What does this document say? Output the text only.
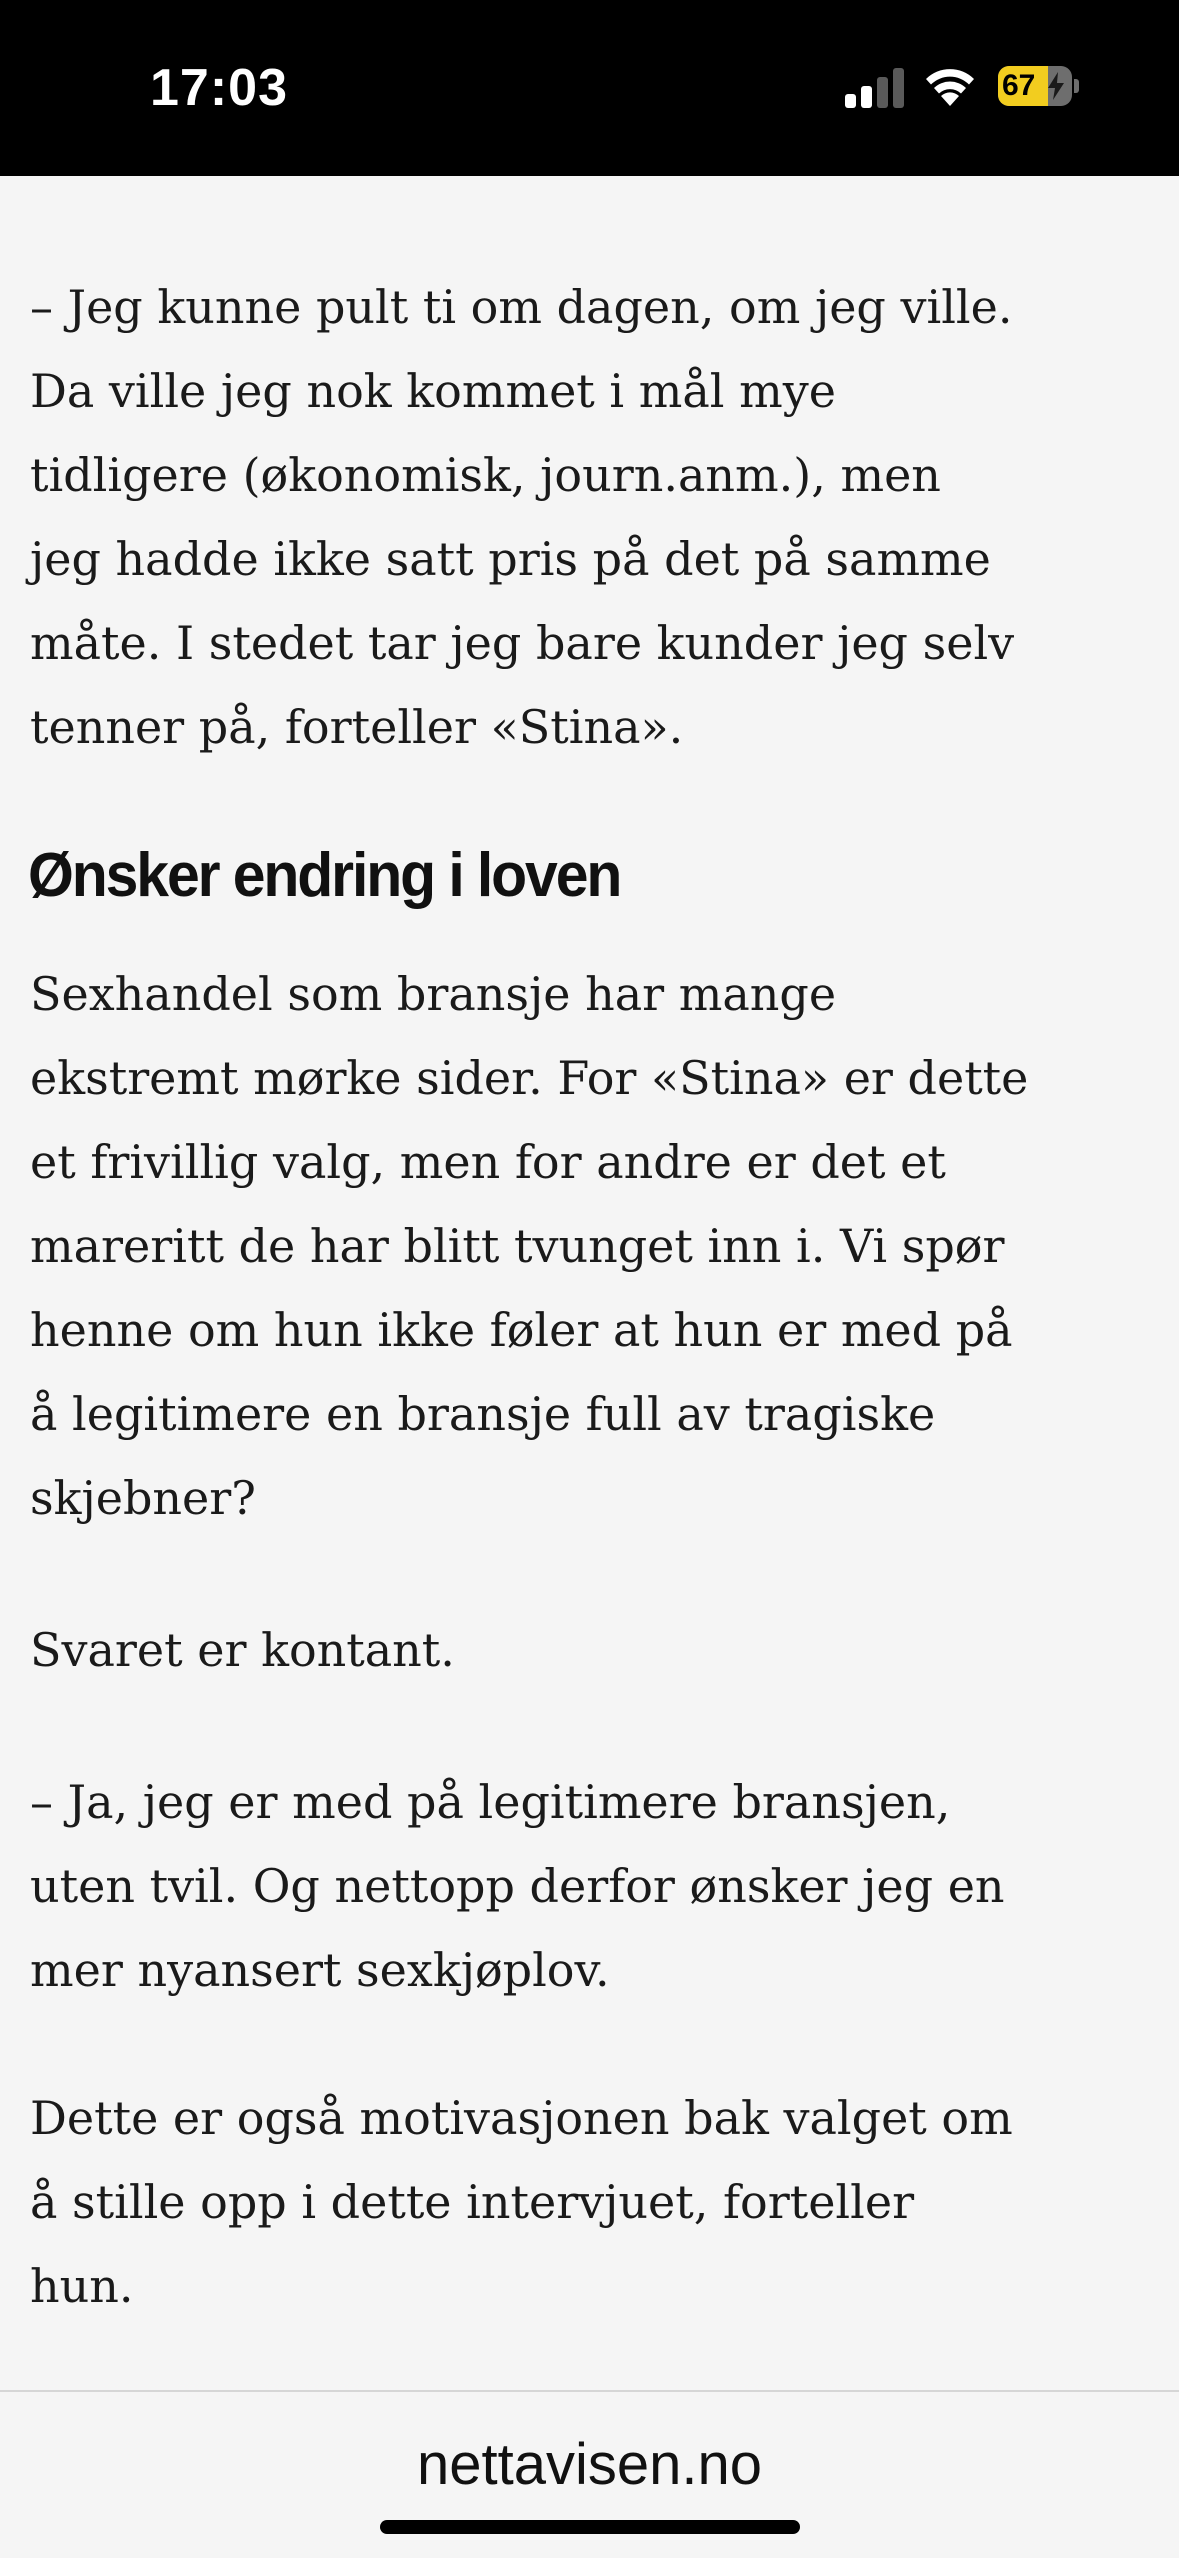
17:03	67

– Jeg kunne pult ti om dagen, om jeg ville.
Da ville jeg nok kommet i mål mye
tidligere (økonomisk, journ.anm.), men
jeg hadde ikke satt pris på det på samme
måte. I stedet tar jeg bare kunder jeg selv
tenner på, forteller «Stina».

Ønsker endring i loven

Sexhandel som bransje har mange
ekstremt mørke sider. For «Stina» er dette
et frivillig valg, men for andre er det et
mareritt de har blitt tvunget inn i. Vi spør
henne om hun ikke føler at hun er med på
å legitimere en bransje full av tragiske
skjebner?

Svaret er kontant.

– Ja, jeg er med på legitimere bransjen,
uten tvil. Og nettopp derfor ønsker jeg en
mer nyansert sexkjøplov.

Dette er også motivasjonen bak valget om
å stille opp i dette intervjuet, forteller
hun.

nettavisen.no
